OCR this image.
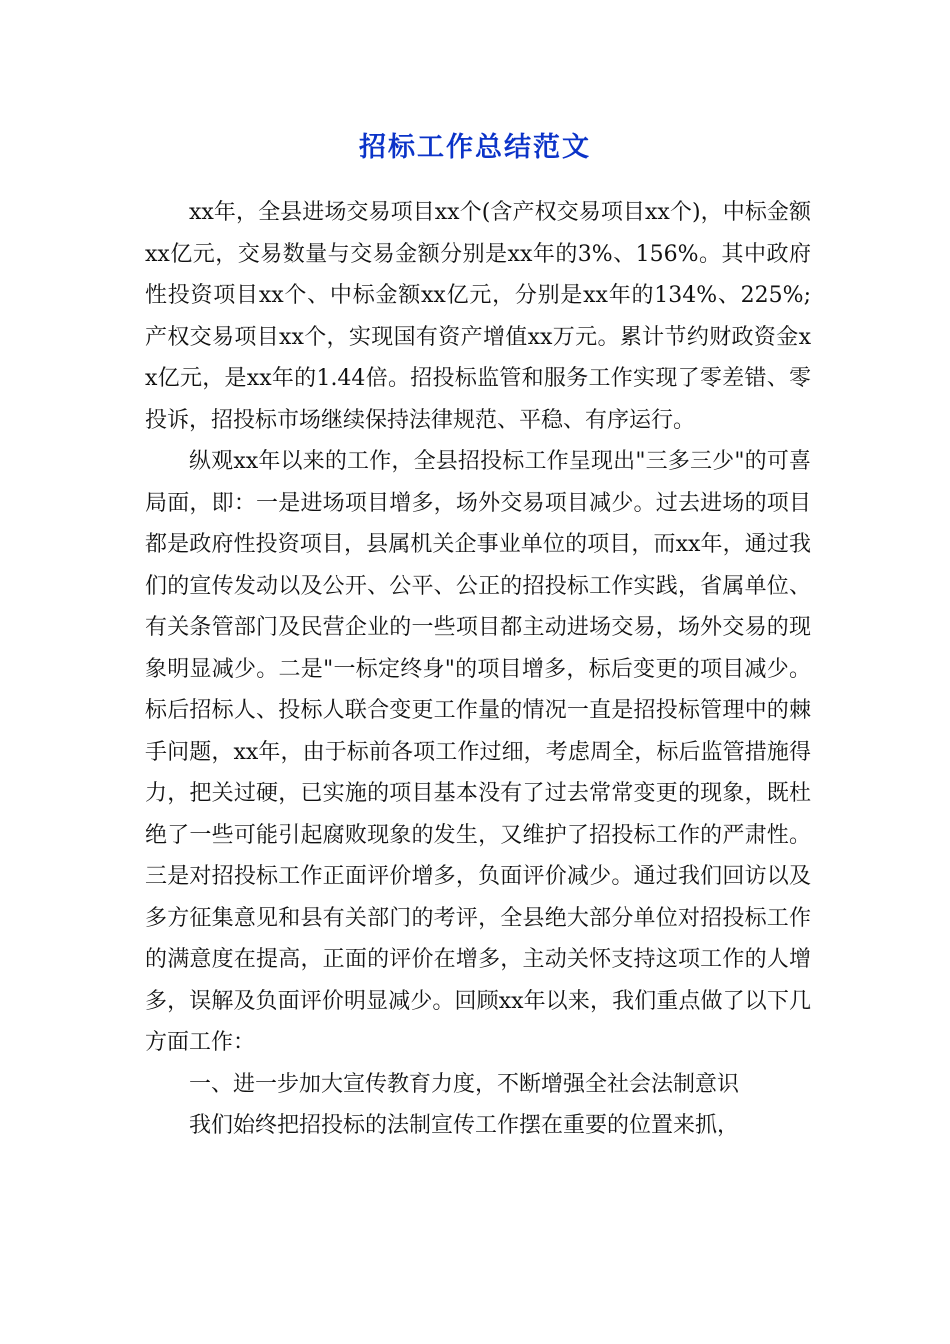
招标工作总结范文

xx年，全县进场交易项目xx个(含产权交易项目xx个)，中标金额xx亿元，交易数量与交易金额分别是xx年的3%、156%。其中政府性投资项目xx个、中标金额xx亿元，分别是xx年的134%、225%;产权交易项目xx个，实现国有资产增值xx万元。累计节约财政资金xx亿元，是xx年的1.44倍。招投标监管和服务工作实现了零差错、零投诉，招投标市场继续保持法律规范、平稳、有序运行。

纵观xx年以来的工作，全县招投标工作呈现出"三多三少"的可喜局面，即：一是进场项目增多，场外交易项目减少。过去进场的项目都是政府性投资项目，县属机关企事业单位的项目，而xx年，通过我们的宣传发动以及公开、公平、公正的招投标工作实践，省属单位、有关条管部门及民营企业的一些项目都主动进场交易，场外交易的现象明显减少。二是"一标定终身"的项目增多，标后变更的项目减少。标后招标人、投标人联合变更工作量的情况一直是招投标管理中的棘手问题，xx年，由于标前各项工作过细，考虑周全，标后监管措施得力，把关过硬，已实施的项目基本没有了过去常常变更的现象，既杜绝了一些可能引起腐败现象的发生，又维护了招投标工作的严肃性。三是对招投标工作正面评价增多，负面评价减少。通过我们回访以及多方征集意见和县有关部门的考评，全县绝大部分单位对招投标工作的满意度在提高，正面的评价在增多，主动关怀支持这项工作的人增多，误解及负面评价明显减少。回顾xx年以来，我们重点做了以下几方面工作：

一、进一步加大宣传教育力度，不断增强全社会法制意识

我们始终把招投标的法制宣传工作摆在重要的位置来抓，
